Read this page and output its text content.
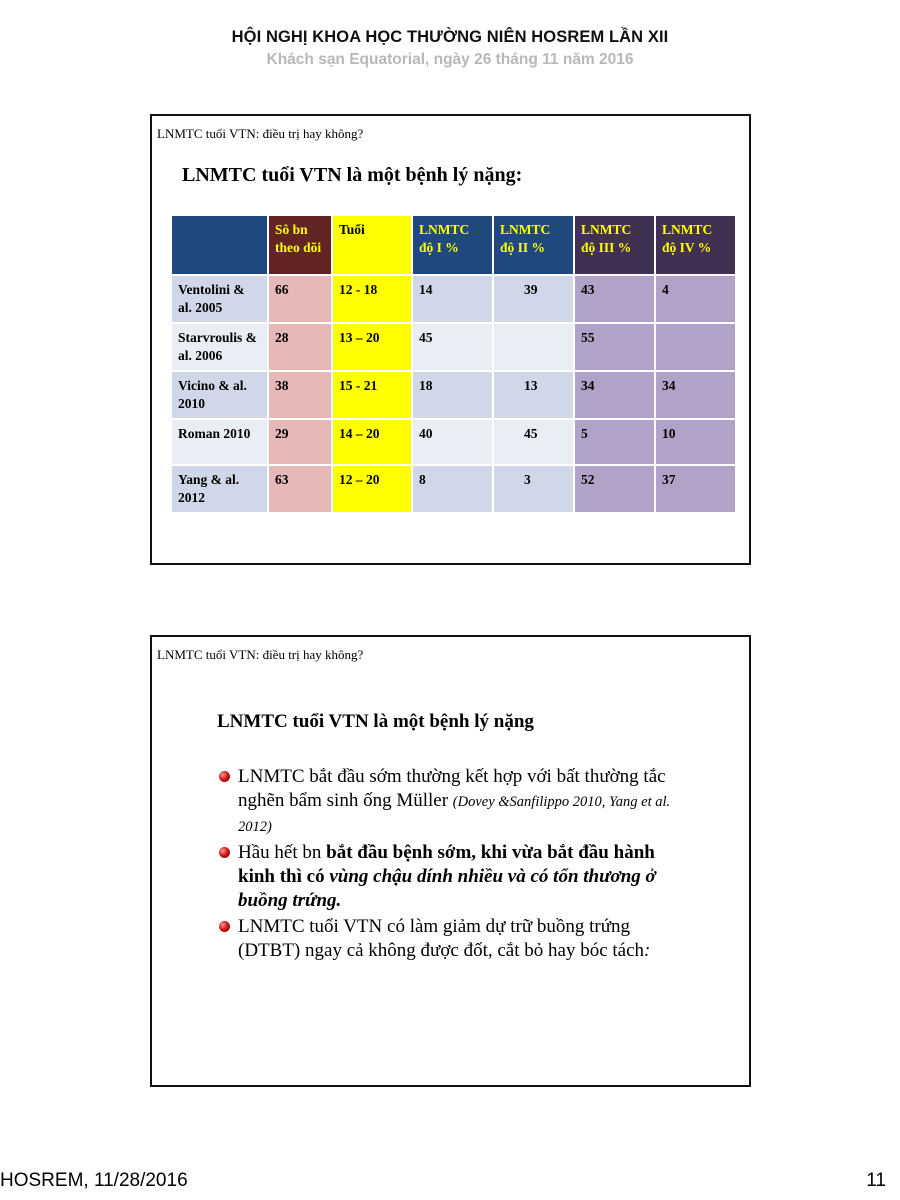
HỘI NGHỊ KHOA HỌC THƯỜNG NIÊN HOSREM LẦN XII
Khách sạn Equatorial, ngày 26 tháng 11 năm 2016
LNMTC tuổi VTN: điều trị hay không?
LNMTC tuổi VTN là một bệnh lý nặng:
	Sô bn theo dõi	Tuổi	LNMTC độ I %	LNMTC độ II %	LNMTC độ III %	LNMTC độ IV %
Ventolini & al. 2005	66	12 - 18	14	39	43	4
Starvroulis & al. 2006	28	13 – 20	45		55	
Vicino & al. 2010	38	15 - 21	18	13	34	34
Roman 2010	29	14 – 20	40	45	5	10
Yang & al. 2012	63	12 – 20	8	3	52	37
LNMTC tuổi VTN: điều trị hay không?
LNMTC tuổi VTN là một bệnh lý nặng
LNMTC bắt đầu sớm thường kết hợp với bất thường tắc nghẽn bẩm sinh ống Müller (Dovey &Sanfilippo 2010, Yang et al. 2012)
Hầu hết bn bắt đầu bệnh sớm, khi vừa bắt đầu hành kinh thì có vùng chậu dính nhiều và có tổn thương ở buồng trứng.
LNMTC tuổi VTN có làm giảm dự trữ buồng trứng (DTBT) ngay cả không được đốt, cắt bỏ hay bóc tách:
HOSREM, 11/28/2016	11
